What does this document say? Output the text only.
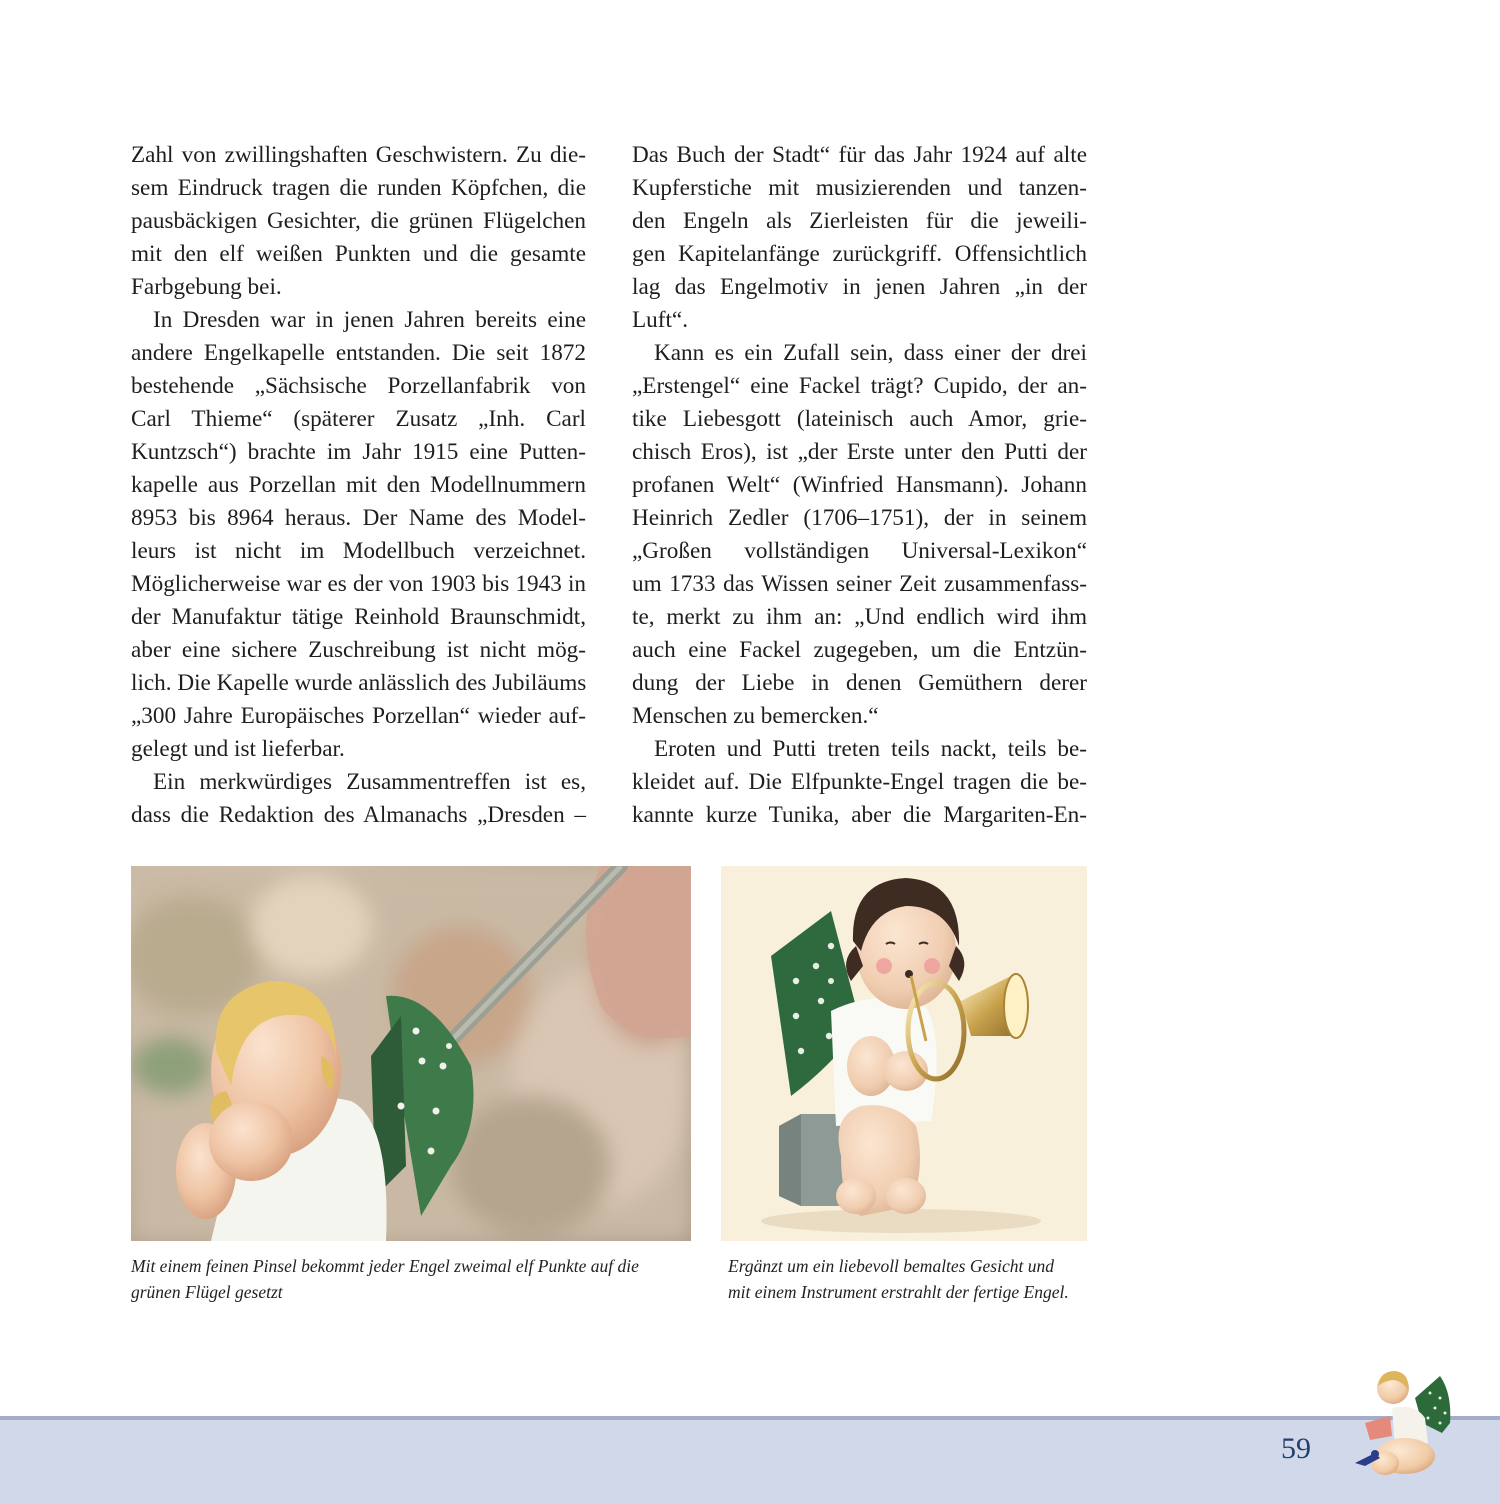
Zahl von zwillingshaften Geschwistern. Zu die-
sem Eindruck tragen die runden Köpfchen, die
pausbäckigen Gesichter, die grünen Flügelchen
mit den elf weißen Punkten und die gesamte
Farbgebung bei.
In Dresden war in jenen Jahren bereits eine
andere Engelkapelle entstanden. Die seit 1872
bestehende „Sächsische Porzellanfabrik von
Carl Thieme“ (späterer Zusatz „Inh. Carl
Kuntzsch“) brachte im Jahr 1915 eine Putten-
kapelle aus Porzellan mit den Modellnummern
8953 bis 8964 heraus. Der Name des Model-
leurs ist nicht im Modellbuch verzeichnet.
Möglicherweise war es der von 1903 bis 1943 in
der Manufaktur tätige Reinhold Braunschmidt,
aber eine sichere Zuschreibung ist nicht mög-
lich. Die Kapelle wurde anlässlich des Jubiläums
„300 Jahre Europäisches Porzellan“ wieder auf-
gelegt und ist lieferbar.
Ein merkwürdiges Zusammentreffen ist es,
dass die Redaktion des Almanachs „Dresden –
Das Buch der Stadt“ für das Jahr 1924 auf alte
Kupferstiche mit musizierenden und tanzen-
den Engeln als Zierleisten für die jeweili-
gen Kapitelanfänge zurückgriff. Offensichtlich
lag das Engelmotiv in jenen Jahren „in der
Luft“.
Kann es ein Zufall sein, dass einer der drei
„Erstengel“ eine Fackel trägt? Cupido, der an-
tike Liebesgott (lateinisch auch Amor, grie-
chisch Eros), ist „der Erste unter den Putti der
profanen Welt“ (Winfried Hansmann). Johann
Heinrich Zedler (1706–1751), der in seinem
„Großen vollständigen Universal-Lexikon“
um 1733 das Wissen seiner Zeit zusammenfass-
te, merkt zu ihm an: „Und endlich wird ihm
auch eine Fackel zugegeben, um die Entzün-
dung der Liebe in denen Gemüthern derer
Menschen zu bemercken.“
Eroten und Putti treten teils nackt, teils be-
kleidet auf. Die Elfpunkte-Engel tragen die be-
kannte kurze Tunika, aber die Margariten-En-
Mit einem feinen Pinsel bekommt jeder Engel zweimal elf Punkte auf die
grünen Flügel gesetzt
Ergänzt um ein liebevoll bemaltes Gesicht und
mit einem Instrument erstrahlt der fertige Engel.
59
